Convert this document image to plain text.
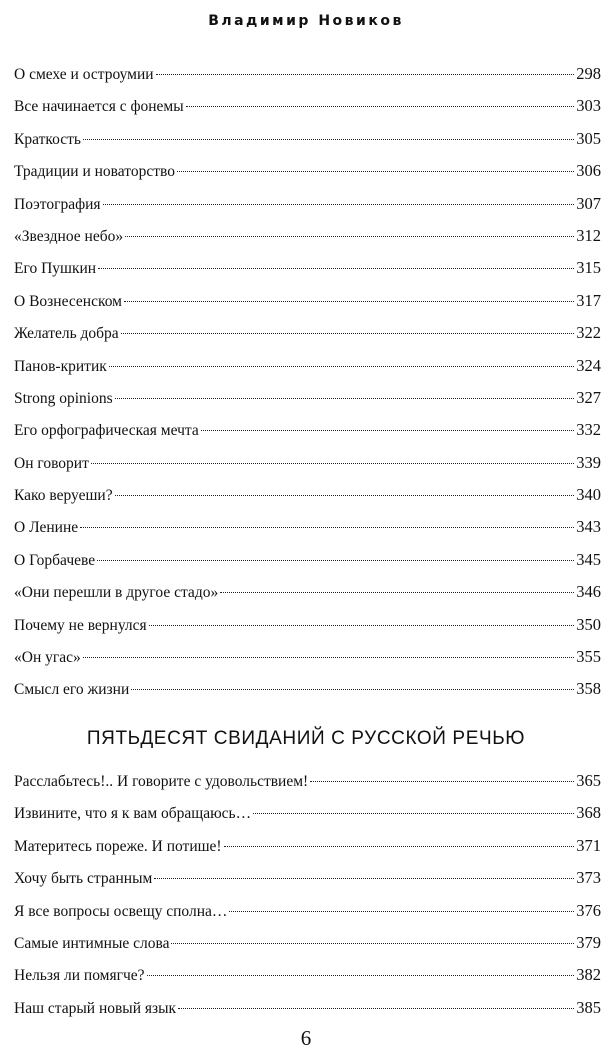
Владимир Новиков
О смехе и остроумии	298
Все начинается с фонемы	303
Краткость	305
Традиции и новаторство	306
Поэтография	307
«Звездное небо»	312
Его Пушкин	315
О Вознесенском	317
Желатель добра	322
Панов-критик	324
Strong opinions	327
Его орфографическая мечта	332
Он говорит	339
Како веруеши?	340
О Ленине	343
О Горбачеве	345
«Они перешли в другое стадо»	346
Почему не вернулся	350
«Он угас»	355
Смысл его жизни	358
ПЯТЬДЕСЯТ СВИДАНИЙ С РУССКОЙ РЕЧЬЮ
Расслабьтесь!.. И говорите с удовольствием!	365
Извините, что я к вам обращаюсь…	368
Материтесь пореже. И потише!	371
Хочу быть странным	373
Я все вопросы освещу сполна…	376
Самые интимные слова	379
Нельзя ли помягче?	382
Наш старый новый язык	385
6
